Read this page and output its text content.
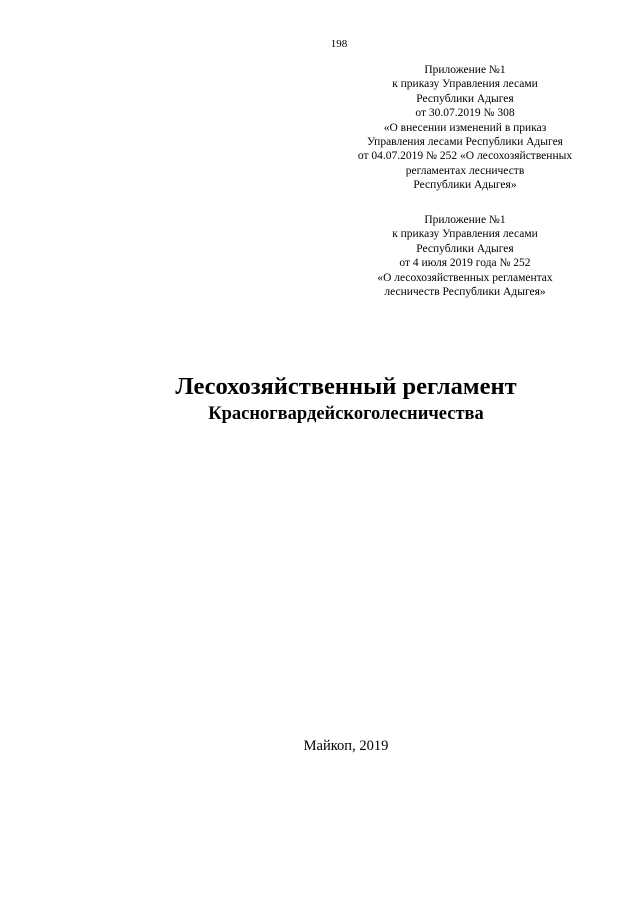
198
Приложение №1
к приказу Управления лесами
Республики Адыгея
от 30.07.2019 № 308
«О внесении изменений в приказ
Управления лесами Республики Адыгея
от 04.07.2019 № 252 «О лесохозяйственных
регламентах лесничеств
Республики Адыгея»
Приложение №1
к приказу Управления лесами
Республики Адыгея
от 4 июля 2019 года № 252
«О лесохозяйственных регламентах
лесничеств Республики Адыгея»
Лесохозяйственный регламент
Красногвардейскоголесничества
Майкоп, 2019
